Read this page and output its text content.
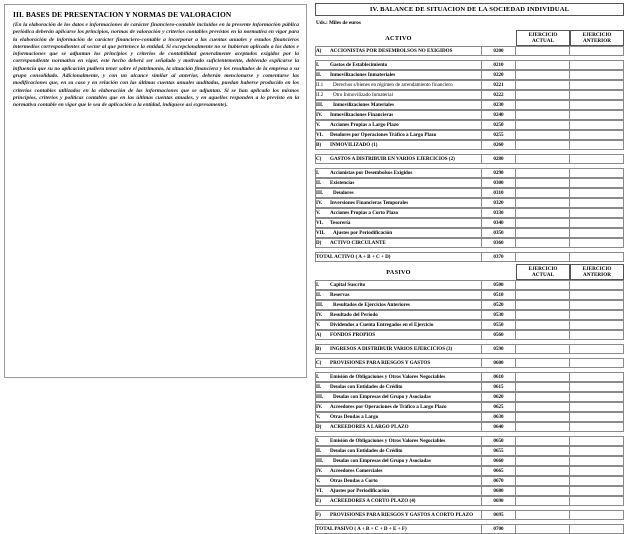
III. BASES DE PRESENTACION Y NORMAS DE VALORACION
(En la elaboración de los datos e informaciones de carácter financiero-contable incluidos en la presente información pública periódica deberán aplicarse los principios, normas de valoración y criterios contables previstos en la normativa en vigor para la elaboración de información de carácter financiero-contable a incorporar a las cuentas anuales y estados financieros intermedios correspondientes al sector al que pertenece la entidad. Si excepcionalmente no se hubieran aplicado a los datos e informaciones que se adjuntan los principios y criterios de contabilidad generalmente aceptados exigidos por la correspondiente normativa en vigor, este hecho deberá ser señalado y motivado suficientemente, debiendo explicarse la influencia que su no aplicación pudiera tener sobre el patrimonio, la situación financiera y los resultados de la empresa o su grupo consolidado. Adicionalmente, y con un alcance similar al anterior, deberán mencionarse y comentarse las modificaciones que, en su caso y en relación con las últimas cuentas anuales auditadas, puedan haberse producido en los criterios contables utilizados en la elaboración de las informaciones que se adjuntan. Si se han aplicado los mismos principios, criterios y políticas contables que en las últimas cuentas anuales, y en aquellos responden a lo previsto en la normativa contable en vigor que le sea de aplicación a la entidad, indíquese así expresamente).
IV. BALANCE DE SITUACION DE LA SOCIEDAD INDIVIDUAL
Uds.: Miles de euros
ACTIVO		EJERCICIO
ACTUAL	EJERCICIO
ANTERIOR
A) ACCIONISTAS POR DESEMBOLSOS NO EXIGIDOS	0200		

I. Gastos de Establecimiento	0210		
II. Inmovilizaciones Inmateriales	0220		
II.1 Derechos s/bienes en régimen de arrendamiento financiero	0221		
II.2 Otro Inmovilizado Inmaterial	0222		
III. Inmovilizaciones Materiales	0230		
IV. Inmovilizaciones Financieras	0240		
V. Acciones Propias a Largo Plazo	0250		
VI. Deudores por Operaciones Tráfico a Largo Plazo	0255		
B) INMOVILIZADO (1)	0260		

C) GASTOS A DISTRIBUIR EN VARIOS EJERCICIOS (2)	0280		

I. Accionistas por Desembolsos Exigidos	0290		
II. Existencias	0300		
III. Deudores	0310		
IV. Inversiones Financieras Temporales	0320		
V. Acciones Propias a Corto Plazo	0330		
VI. Tesorería	0340		
VII. Ajustes por Periodificación	0350		
D) ACTIVO CIRCULANTE	0360		

TOTAL ACTIVO ( A + B + C + D)	0370		
PASIVO		EJERCICIO
ACTUAL	EJERCICIO
ANTERIOR
I. Capital Suscrito	0500		
II. Reservas	0510		
III. Resultados de Ejercicios Anteriores	0520		
IV. Resultado del Período	0530		
V. Dividendos a Cuenta Entregados en el Ejercicio	0550		
A) FONDOS PROPIOS	0560		

B) INGRESOS A DISTRIBUIR VARIOS EJERCICIOS (3)	0590		

C) PROVISIONES PARA RIESGOS Y GASTOS	0600		

I. Emisión de Obligaciones y Otros Valores Negociables	0610		
II. Deudas con Entidades de Crédito	0615		
III. Deudas con Empresas del Grupo y Asociadas	0620		
IV. Acreedores por Operaciones de Tráfico a Largo Plazo	0625		
V. Otras Deudas a Largo	0630		
D) ACREEDORES A LARGO PLAZO	0640		

I. Emisión de Obligaciones y Otros Valores Negociables	0650		
II. Deudas con Entidades de Crédito	0655		
III. Deudas con Empresas del Grupo y Asociadas	0660		
IV. Acreedores Comerciales	0665		
V. Otras Deudas a Corto	0670		
VI. Ajustes por Periodificación	0680		
E) ACREEDORES A CORTO PLAZO (4)	0690		

F) PROVISIONES PARA RIESGOS Y GASTOS A CORTO PLAZO	0695		

TOTAL PASIVO ( A + B + C + D + E + F)	0700		
